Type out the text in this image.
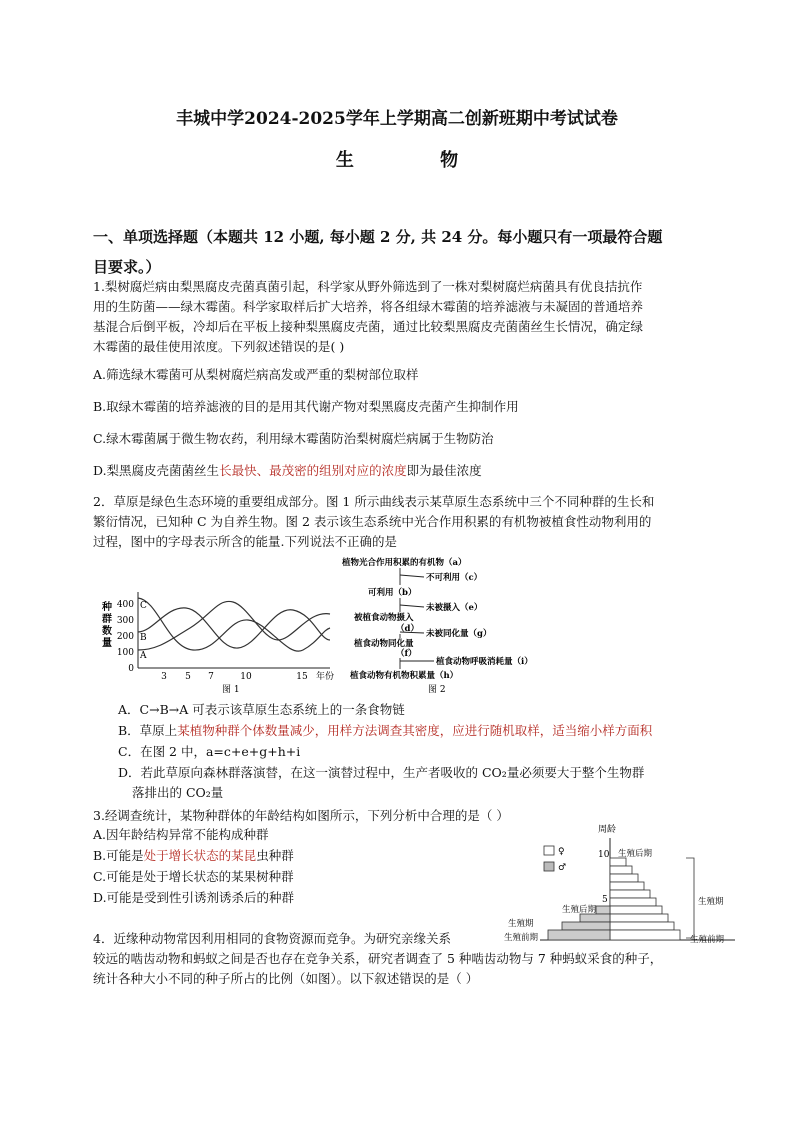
丰城中学2024-2025学年上学期高二创新班期中考试试卷
生 物
一、单项选择题（本题共 12 小题, 每小题 2 分, 共 24 分。每小题只有一项最符合题
目要求。）
1.梨树腐烂病由梨黑腐皮壳菌真菌引起，科学家从野外筛选到了一株对梨树腐烂病菌具有优良拮抗作
用的生防菌——绿木霉菌。科学家取样后扩大培养，将各组绿木霉菌的培养滤液与未凝固的普通培养
基混合后倒平板，冷却后在平板上接种梨黑腐皮壳菌，通过比较梨黑腐皮壳菌菌丝生长情况，确定绿
木霉菌的最佳使用浓度。下列叙述错误的是( )
A.筛选绿木霉菌可从梨树腐烂病高发或严重的梨树部位取样
B.取绿木霉菌的培养滤液的目的是用其代谢产物对梨黑腐皮壳菌产生抑制作用
C.绿木霉菌属于微生物农药，利用绿木霉菌防治梨树腐烂病属于生物防治
D.梨黑腐皮壳菌菌丝生长最快、最茂密的组别对应的浓度即为最佳浓度
2．草原是绿色生态环境的重要组成部分。图 1 所示曲线表示某草原生态系统中三个不同种群的生长和
繁衍情况，已知种 C 为自养生物。图 2 表示该生态系统中光合作用积累的有机物被植食性动物利用的
过程，图中的字母表示所含的能量.下列说法不正确的是
种
群
数
量
400
300
200
100
0
C
B
A
3 5 7	10	15 年份
图 1
植物光合作用积累的有机物（a）
不可利用（c）
可利用（b）
未被摄入（e）
被植食动物摄入
（d） 未被同化量（g）
植食动物同化量
（f）
植食动物呼吸消耗量（i）
植食动物有机物积累量（h）
图 2
A．C→B→A 可表示该草原生态系统上的一条食物链
B．草原上某植物种群个体数量减少，用样方法调查其密度，应进行随机取样，适当缩小样方面积
C．在图 2 中，a=c+e+g+h+i
D．若此草原向森林群落演替，在这一演替过程中，生产者吸收的 CO₂量必须要大于整个生物群
落排出的 CO₂量
3.经调查统计，某物种群体的年龄结构如图所示，下列分析中合理的是（ ）
A.因年龄结构异常不能构成种群
B.可能是处于增长状态的某昆虫种群
C.可能是处于增长状态的某果树种群
D.可能是受到性引诱剂诱杀后的种群
周龄
♀
♂
10
5
生殖后期
生殖期
生殖后期
生殖期
生殖前期	生殖前期
4．近缘种动物常因利用相同的食物资源而竞争。为研究亲缘关系
较远的啮齿动物和蚂蚁之间是否也存在竞争关系，研究者调查了 5 种啮齿动物与 7 种蚂蚁采食的种子，
统计各种大小不同的种子所占的比例（如图）。以下叙述错误的是（ ）
